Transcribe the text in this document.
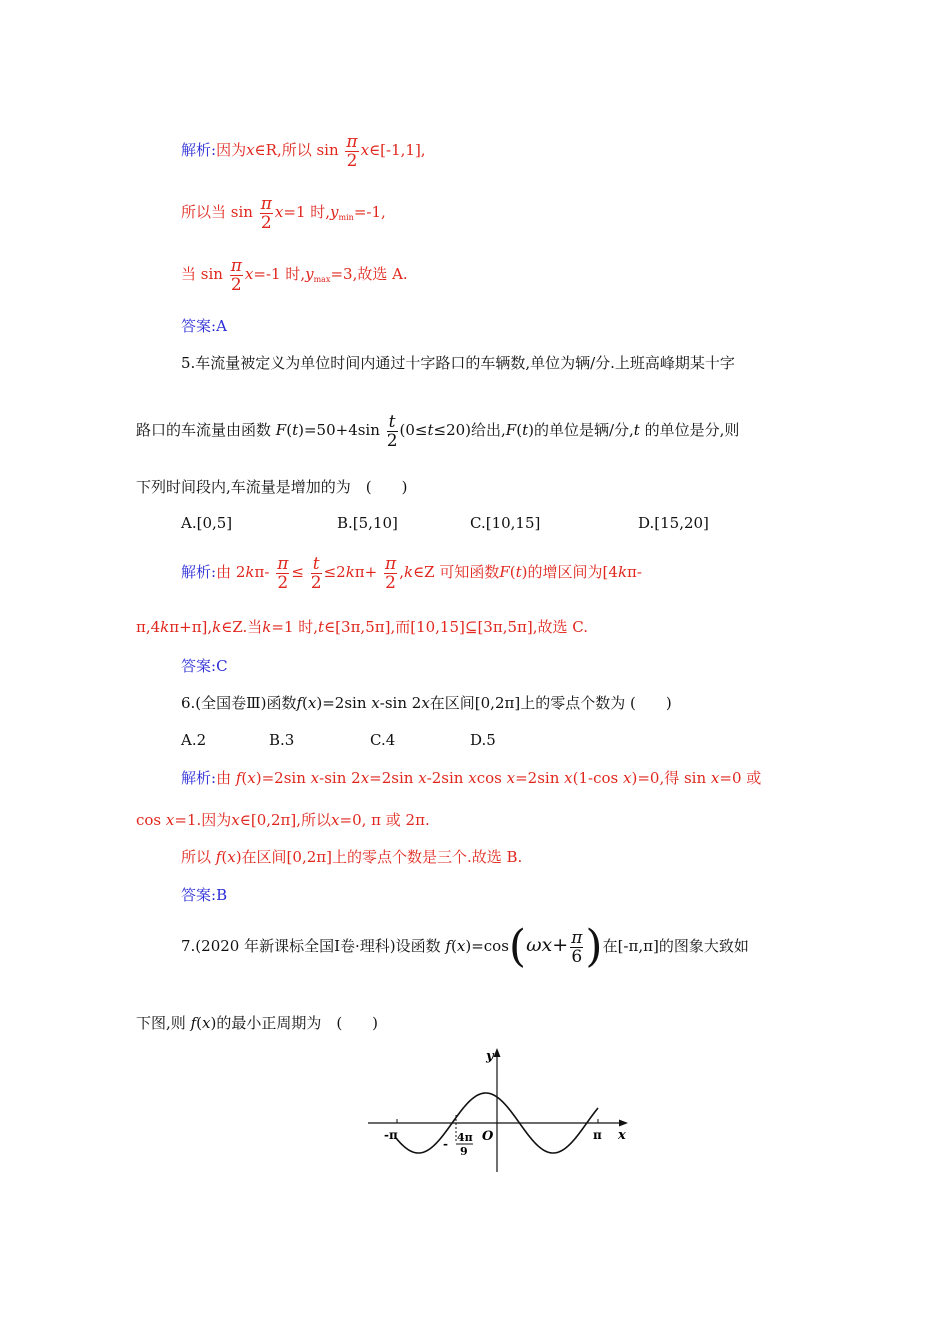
解析:因为x∈R,所以 $\sin \frac{\pi}{2}$ x∈[-1,1],
所以当 $\sin \frac{\pi}{2} x=1$ 时$,y_{min}=-1$,
当 $\sin \frac{\pi}{2} x=-1$ 时$,y_{max}=3$,故选 A.
答案:A
5.车流量被定义为单位时间内通过十字路口的车辆数,单位为辆/分.上班高峰期某十字
路口的车流量由函数 $F(t)=50+4\sin \frac{t}{2} (0\le t\le 20)$给出,F(t)的单位是辆/分,t 的单位是分,则
下列时间段内,车流量是增加的为　(　　)
A.[0,5]	B.[5,10]	C.[10,15]	D.[15,20]
解析:由 $2k\pi- \frac{\pi}{2} \le \frac{t}{2} \le 2k\pi+ \frac{\pi}{2}$ ,k∈Z 可知函数F(t)的增区间为[4kπ-
π,4kπ+π],k∈Z.当k=1 时,t∈[3π,5π],而[10,15]⊆[3π,5π],故选 C.
答案:C
6.(全国卷Ⅲ)函数f(x)=2sin x-sin 2x在区间[0,2π]上的零点个数为 (　　)
A.2	B.3	C.4	D.5
解析:由 f(x)=2sin x-sin 2x=2sin x-2sin xcos x=2sin x(1-cos x)=0,得 sin x=0 或
cos x=1.因为x∈[0,2π],所以x=0, π 或 2π.
所以 f(x)在区间[0,2π]上的零点个数是三个.故选 B.
答案:B
7.(2020 年新课标全国Ⅰ卷·理科)设函数 $f(x)=\cos(\omega x+ \frac{\pi}{6}$ )在[-π,π]的图象大致如
下图,则 f(x)的最小正周期为　(　　)
y
x
O
-π	π
- 4π
9
